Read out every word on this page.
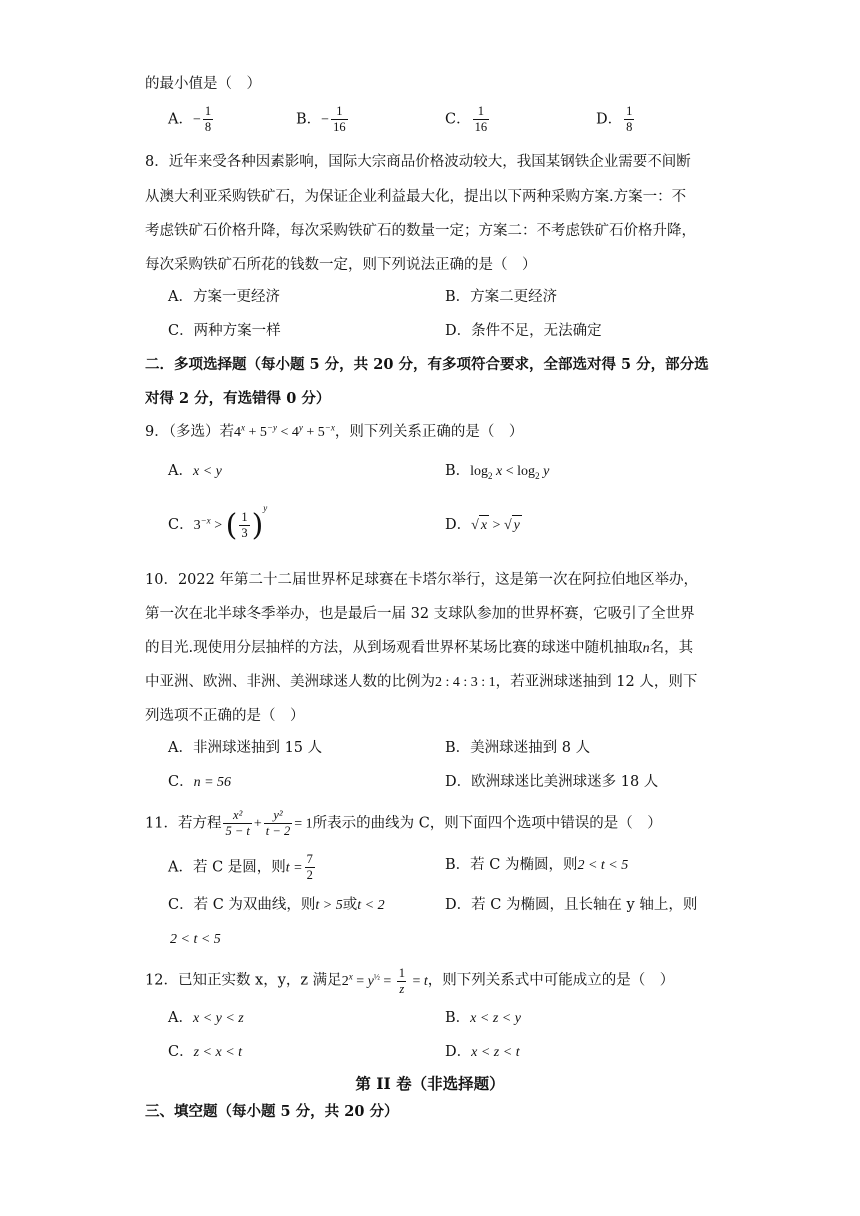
的最小值是（　）
A．− $\frac{1}{8}$	B．− $\frac{1}{16}$	C． $\frac{1}{16}$	D． $\frac{1}{8}$
8．近年来受各种因素影响，国际大宗商品价格波动较大，我国某钢铁企业需要不间断
从澳大利亚采购铁矿石，为保证企业利益最大化，提出以下两种采购方案.方案一：不
考虑铁矿石价格升降，每次采购铁矿石的数量一定；方案二：不考虑铁矿石价格升降，
每次采购铁矿石所花的钱数一定，则下列说法正确的是（　）
A．方案一更经济	B．方案二更经济
C．两种方案一样	D．条件不足，无法确定
二．多项选择题（每小题 5 分，共 20 分，有多项符合要求，全部选对得 5 分，部分选
对得 2 分，有选错得 0 分）
9．（多选）若$4^x + 5^{-y} < 4^y + 5^{-x}$，则下列关系正确的是（　）
A．x < y	B．$\log_2 x < \log_2 y$
C．$3^{-x}$ > ( $\frac{1}{3} )^y$
D．√ x > √ y
10．2022 年第二十二届世界杯足球赛在卡塔尔举行，这是第一次在阿拉伯地区举办，
第一次在北半球冬季举办，也是最后一届 32 支球队参加的世界杯赛，它吸引了全世界
的目光.现使用分层抽样的方法，从到场观看世界杯某场比赛的球迷中随机抽取n名，其
中亚洲、欧洲、非洲、美洲球迷人数的比例为2 : 4 : 3 : 1，若亚洲球迷抽到 12 人，则下
列选项不正确的是（　）
A．非洲球迷抽到 15 人	B．美洲球迷抽到 8 人
C．n = 56	D．欧洲球迷比美洲球迷多 18 人
11．若方程 $\frac{\text{x²}}{5 - t} + \frac{\text{y²}}{t - 2} = 1$所表示的曲线为 C，则下面四个选项中错误的是（　）
A．若 C 是圆，则$t = \frac{7}{2}$	B．若 C 为椭圆，则2 < t < 5
C．若 C 为双曲线，则t > 5或t < 2	D．若 C 为椭圆，且长轴在 y 轴上，则
2 < t < 5
12．已知正实数 x，y，z 满足$2^x = y^{\frac{1}{2}} = \frac{1}{z} = t$，则下列关系式中可能成立的是（　）
A．x < y < z	B．x < z < y
C．z < x < t	D．x < z < t
第 II 卷（非选择题）
三、填空题（每小题 5 分，共 20 分）
